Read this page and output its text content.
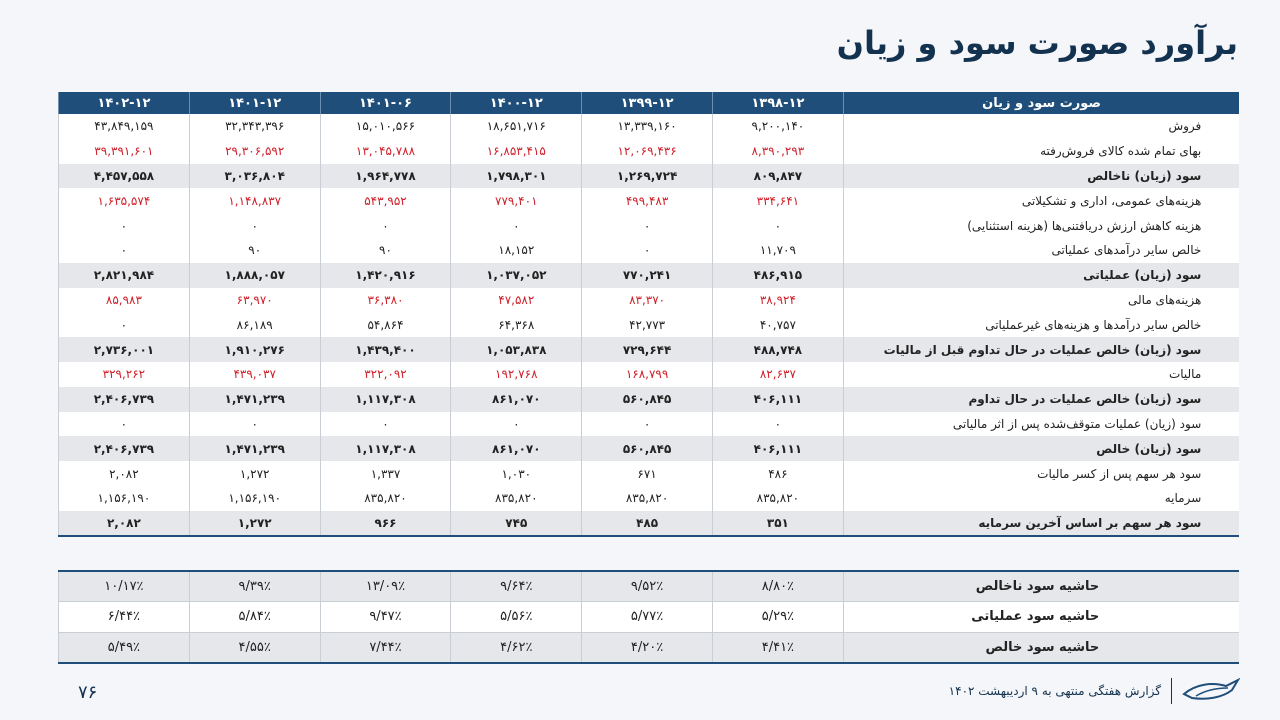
برآورد صورت سود و زیان
صورت سود و زیان	۱۳۹۸-۱۲	۱۳۹۹-۱۲	۱۴۰۰-۱۲	۱۴۰۱-۰۶	۱۴۰۱-۱۲	۱۴۰۲-۱۲
فروش	۹,۲۰۰,۱۴۰	۱۳,۳۳۹,۱۶۰	۱۸,۶۵۱,۷۱۶	۱۵,۰۱۰,۵۶۶	۳۲,۳۴۳,۳۹۶	۴۳,۸۴۹,۱۵۹
بهای تمام شده کالای فروش‌رفته	۸,۳۹۰,۲۹۳	۱۲,۰۶۹,۴۳۶	۱۶,۸۵۳,۴۱۵	۱۳,۰۴۵,۷۸۸	۲۹,۳۰۶,۵۹۲	۳۹,۳۹۱,۶۰۱
سود (زیان) ناخالص	۸۰۹,۸۴۷	۱,۲۶۹,۷۲۴	۱,۷۹۸,۳۰۱	۱,۹۶۴,۷۷۸	۳,۰۳۶,۸۰۴	۴,۴۵۷,۵۵۸
هزینه‌های عمومی، اداری و تشکیلاتی	۳۳۴,۶۴۱	۴۹۹,۴۸۳	۷۷۹,۴۰۱	۵۴۳,۹۵۲	۱,۱۴۸,۸۳۷	۱,۶۳۵,۵۷۴
هزینه کاهش ارزش دریافتنی‌ها (هزینه استثنایی)	۰	۰	۰	۰	۰	۰
خالص سایر درآمدهای عملیاتی	۱۱,۷۰۹	۰	۱۸,۱۵۲	۹۰	۹۰	۰
سود (زیان) عملیاتی	۴۸۶,۹۱۵	۷۷۰,۲۴۱	۱,۰۳۷,۰۵۲	۱,۴۲۰,۹۱۶	۱,۸۸۸,۰۵۷	۲,۸۲۱,۹۸۴
هزینه‌های مالی	۳۸,۹۲۴	۸۳,۳۷۰	۴۷,۵۸۲	۳۶,۳۸۰	۶۳,۹۷۰	۸۵,۹۸۳
خالص سایر درآمدها و هزینه‌های غیرعملیاتی	۴۰,۷۵۷	۴۲,۷۷۳	۶۴,۳۶۸	۵۴,۸۶۴	۸۶,۱۸۹	۰
سود (زیان) خالص عملیات در حال تداوم قبل از مالیات	۴۸۸,۷۴۸	۷۲۹,۶۴۴	۱,۰۵۳,۸۳۸	۱,۴۳۹,۴۰۰	۱,۹۱۰,۲۷۶	۲,۷۳۶,۰۰۱
مالیات	۸۲,۶۳۷	۱۶۸,۷۹۹	۱۹۲,۷۶۸	۳۲۲,۰۹۲	۴۳۹,۰۳۷	۳۲۹,۲۶۲
سود (زیان) خالص عملیات در حال تداوم	۴۰۶,۱۱۱	۵۶۰,۸۴۵	۸۶۱,۰۷۰	۱,۱۱۷,۳۰۸	۱,۴۷۱,۲۳۹	۲,۴۰۶,۷۳۹
سود (زیان) عملیات متوقف‌شده پس از اثر مالیاتی	۰	۰	۰	۰	۰	۰
سود (زیان) خالص	۴۰۶,۱۱۱	۵۶۰,۸۴۵	۸۶۱,۰۷۰	۱,۱۱۷,۳۰۸	۱,۴۷۱,۲۳۹	۲,۴۰۶,۷۳۹
سود هر سهم پس از کسر مالیات	۴۸۶	۶۷۱	۱,۰۳۰	۱,۳۳۷	۱,۲۷۲	۲,۰۸۲
سرمایه	۸۳۵,۸۲۰	۸۳۵,۸۲۰	۸۳۵,۸۲۰	۸۳۵,۸۲۰	۱,۱۵۶,۱۹۰	۱,۱۵۶,۱۹۰
سود هر سهم بر اساس آخرین سرمایه	۳۵۱	۴۸۵	۷۴۵	۹۶۶	۱,۲۷۲	۲,۰۸۲
حاشیه سود ناخالص	۸/۸۰٪	۹/۵۲٪	۹/۶۴٪	۱۳/۰۹٪	۹/۳۹٪	۱۰/۱۷٪
حاشیه سود عملیاتی	۵/۲۹٪	۵/۷۷٪	۵/۵۶٪	۹/۴۷٪	۵/۸۴٪	۶/۴۴٪
حاشیه سود خالص	۴/۴۱٪	۴/۲۰٪	۴/۶۲٪	۷/۴۴٪	۴/۵۵٪	۵/۴۹٪
۷۶	گزارش هفتگی منتهی به ۹ اردیبهشت ۱۴۰۲
